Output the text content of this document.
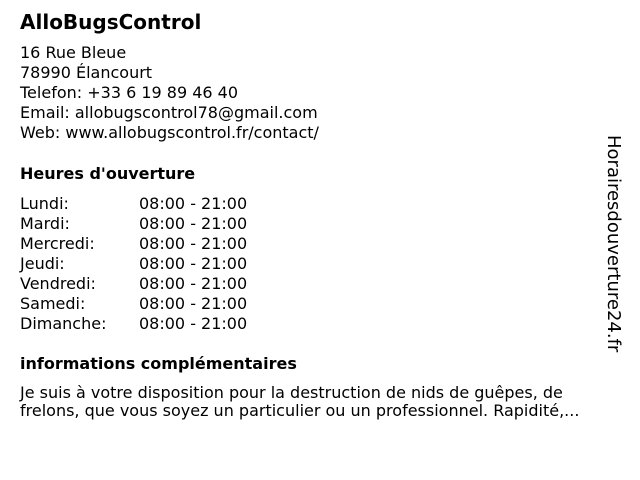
AlloBugsControl
16 Rue Bleue
78990 Élancourt
Telefon: +33 6 19 89 46 40
Email: allobugscontrol78@gmail.com
Web: www.allobugscontrol.fr/contact/
Heures d'ouverture
Lundi:	08:00 - 21:00
Mardi:	08:00 - 21:00
Mercredi:	08:00 - 21:00
Jeudi:	08:00 - 21:00
Vendredi:	08:00 - 21:00
Samedi:	08:00 - 21:00
Dimanche: 08:00 - 21:00
informations complémentaires
Je suis à votre disposition pour la destruction de nids de guêpes, de frelons, que vous soyez un particulier ou un professionnel. Rapidité,...
Horairesdouverture24.fr
